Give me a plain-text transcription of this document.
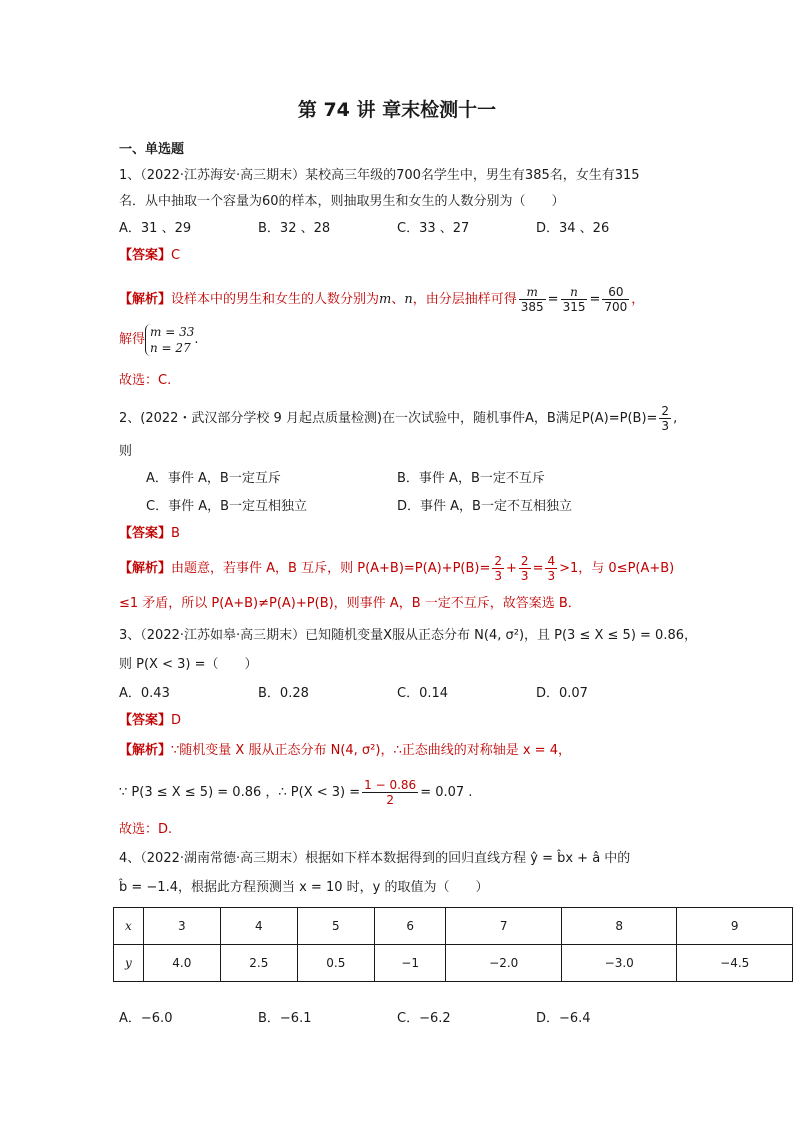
第 74 讲 章末检测十一
一、单选题
1、（2022·江苏海安·高三期末）某校高三年级的700名学生中，男生有385名，女生有315
名．从中抽取一个容量为60的样本，则抽取男生和女生的人数分别为（　　）
A．31 、29	B．32 、28	C．33 、27	D．34 、26
【答案】C
【解析】设样本中的男生和女生的人数分别为m、n，由分层抽样可得 $\frac{m}{385} = \frac{n}{315} = \frac{60}{700}$ ，
解得
m = 33
n = 27
.
故选：C.
2、(2022・武汉部分学校 9 月起点质量检测)在一次试验中，随机事件A，B满足$P(A)=P(B)= \frac{2}{3}$ ,
则
A．事件 A，B一定互斥	B．事件 A，B一定不互斥
C．事件 A，B一定互相独立	D．事件 A，B一定不互相独立
【答案】B
【解析】由题意，若事件 A，B 互斥，则 $P(A+B)=P(A)+P(B)= \frac{2}{3} + \frac{2}{3} = \frac{4}{3} >1$，与 0≤P(A+B)
≤1 矛盾，所以 P(A+B)≠P(A)+P(B)，则事件 A，B 一定不互斥，故答案选 B．
3、（2022·江苏如皋·高三期末）已知随机变量X服从正态分布 N(4, σ²)，且 P(3 ≤ X ≤ 5) = 0.86，
则 P(X < 3) =（　　）
A．0.43	B．0.28	C．0.14	D．0.07
【答案】D
【解析】∵随机变量 X 服从正态分布 N(4, σ²)，∴正态曲线的对称轴是 x = 4，
∵ P(3 ≤ X ≤ 5) = 0.86 ，∴ $P(X < 3) = \frac{1 - 0.86}{2} = 0.07$ .
故选：D.
4、（2022·湖南常德·高三期末）根据如下样本数据得到的回归直线方程 ŷ = b̂x + â 中的
b̂ = −1.4，根据此方程预测当 x = 10 时，y 的取值为（　　）
x	3	4	5	6	7	8	9
y	4.0	2.5	0.5	−1	−2.0	−3.0	−4.5
A．−6.0	B．−6.1	C．−6.2	D．−6.4
